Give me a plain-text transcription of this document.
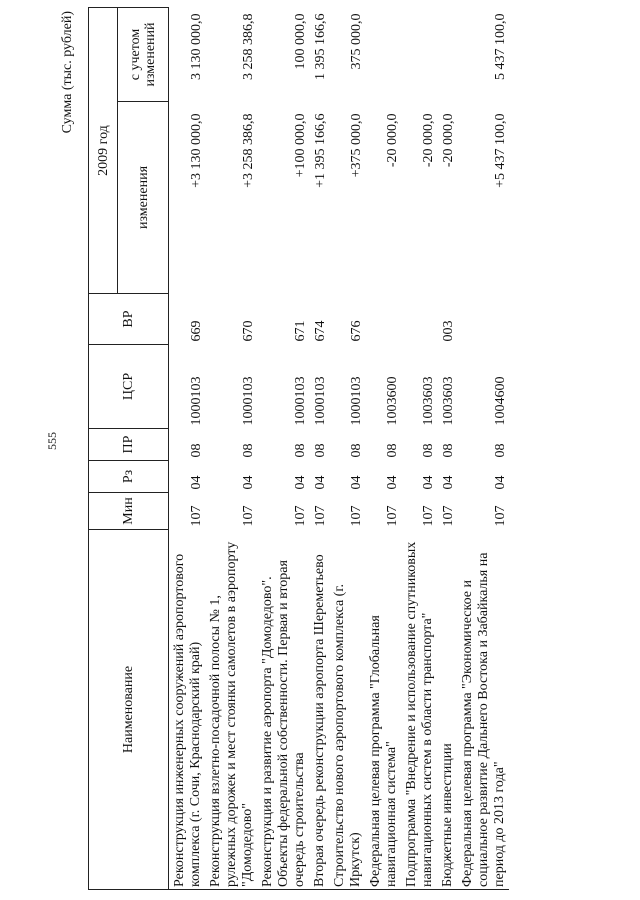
555
Сумма (тыс. рублей)
Наименование	Мин	Рз	ПР	ЦСР	ВР	2009 год	
						изменения	с учетом изменений
Реконструкция инженерных сооружений аэропортового комплекса (г. Сочи, Краснодарский край)	107	04	08	1000103	669	+3 130 000,0	3 130 000,0
Реконструкция взлетно-посадочной полосы № 1, рулежных дорожек и мест стоянки самолетов в аэропорту "Домодедово"	107	04	08	1000103	670	+3 258 386,8	3 258 386,8
Реконструкция и развитие аэропорта "Домодедово". Объекты федеральной собственности. Первая и вторая очередь строительства	107	04	08	1000103	671	+100 000,0	100 000,0
Вторая очередь реконструкции аэропорта Шереметьево	107	04	08	1000103	674	+1 395 166,6	1 395 166,6
Строительство нового аэропортового комплекса (г. Иркутск)	107	04	08	1000103	676	+375 000,0	375 000,0
Федеральная целевая программа "Глобальная навигационная система"	107	04	08	1003600		-20 000,0	
Подпрограмма "Внедрение и использование спутниковых навигационных систем в области транспорта"	107	04	08	1003603		-20 000,0	
Бюджетные инвестиции	107	04	08	1003603	003	-20 000,0	
Федеральная целевая программа "Экономическое и социальное развитие Дальнего Востока и Забайкалья на период до 2013 года"	107	04	08	1004600		+5 437 100,0	5 437 100,0
